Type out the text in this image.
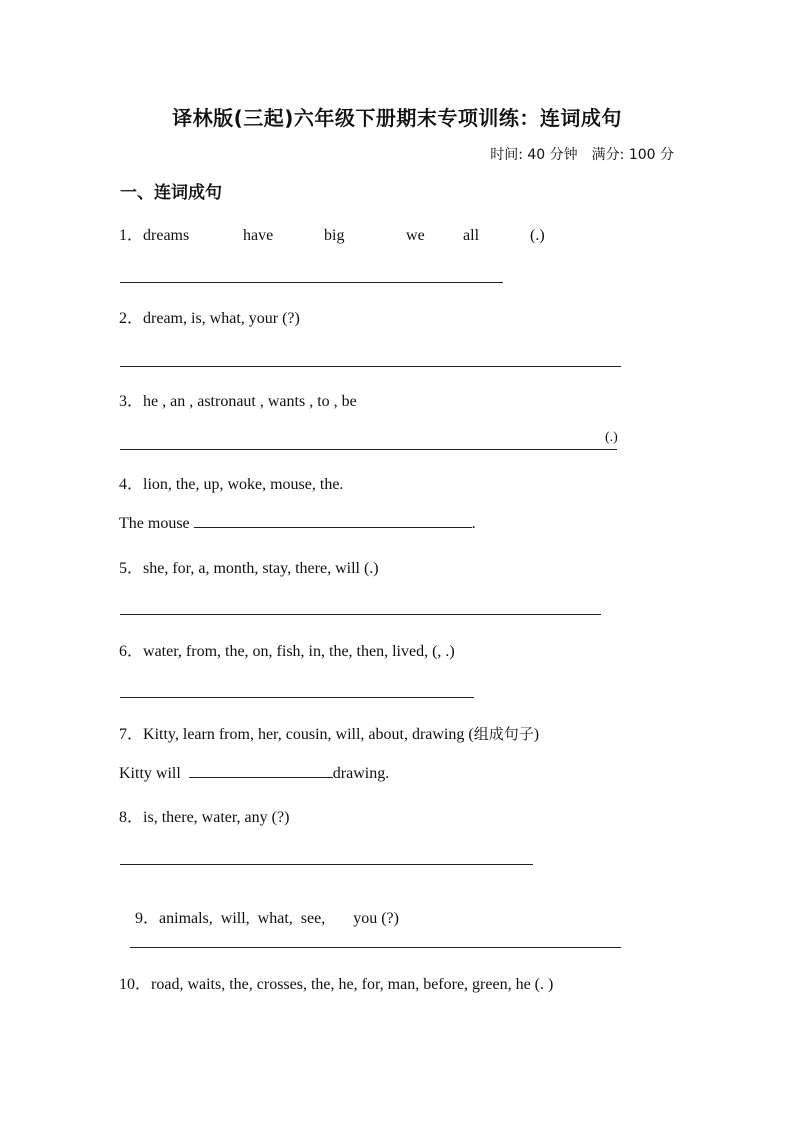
译林版(三起)六年级下册期末专项训练：连词成句
时间: 40 分钟 满分: 100 分
一、连词成句
1．dreams	have	big	we all	(.)
2．dream, is, what, your (?)
3．he , an , astronaut , wants , to , be
(.)
4．lion, the, up, woke, mouse, the.
The mouse	.
5．she, for, a, month, stay, there, will (.)
6．water, from, the, on, fish, in, the, then, lived, (, .)
7．Kitty, learn from, her, cousin, will, about, drawing (组成句子)
Kitty will	drawing.
8．is, there, water, any (?)

9．animals,  will,  what,  see,       you (?)

10．road, waits, the, crosses, the, he, for, man, before, green, he (. )
